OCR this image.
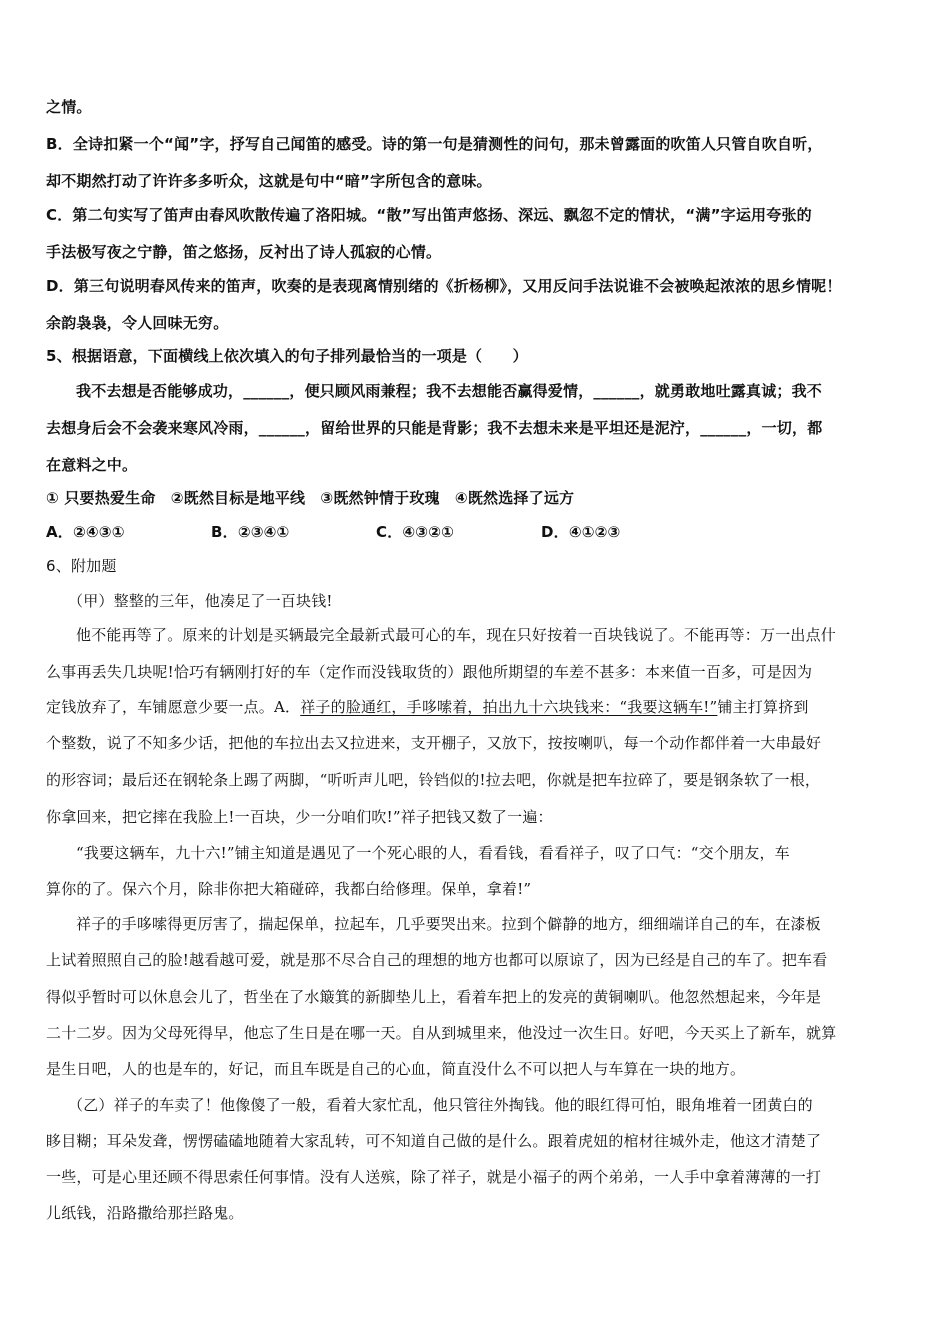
之情。
B．全诗扣紧一个“闻”字，抒写自己闻笛的感受。诗的第一句是猜测性的问句，那未曾露面的吹笛人只管自吹自听，
却不期然打动了许许多多听众，这就是句中“暗”字所包含的意味。
C．第二句实写了笛声由春风吹散传遍了洛阳城。“散”写出笛声悠扬、深远、飘忽不定的情状，“满”字运用夸张的
手法极写夜之宁静，笛之悠扬，反衬出了诗人孤寂的心情。
D．第三句说明春风传来的笛声，吹奏的是表现离情别绪的《折杨柳》，又用反问手法说谁不会被唤起浓浓的思乡情呢！
余韵袅袅，令人回味无穷。
5、根据语意，下面横线上依次填入的句子排列最恰当的一项是（　　）
我不去想是否能够成功，______，便只顾风雨兼程；我不去想能否赢得爱情，______，就勇敢地吐露真诚；我不
去想身后会不会袭来寒风冷雨，______，留给世界的只能是背影；我不去想未来是平坦还是泥泞，______，一切，都
在意料之中。
① 只要热爱生命　②既然目标是地平线　③既然钟情于玫瑰　④既然选择了远方
A．②④③①	B．②③④①	C．④③②①	D．④①②③
6、附加题
（甲）整整的三年，他凑足了一百块钱!
他不能再等了。原来的计划是买辆最完全最新式最可心的车，现在只好按着一百块钱说了。不能再等：万一出点什
么事再丢失几块呢!恰巧有辆刚打好的车（定作而没钱取货的）跟他所期望的车差不甚多：本来值一百多，可是因为
定钱放弃了，车铺愿意少要一点。A．祥子的脸通红，手哆嗦着，拍出九十六块钱来：“我要这辆车!”铺主打算挤到
个整数，说了不知多少话，把他的车拉出去又拉进来，支开棚子，又放下，按按喇叭，每一个动作都伴着一大串最好
的形容词；最后还在钢轮条上踢了两脚，“听听声儿吧，铃铛似的!拉去吧，你就是把车拉碎了，要是钢条软了一根，
你拿回来，把它摔在我脸上!一百块，少一分咱们吹!”祥子把钱又数了一遍：
“我要这辆车，九十六!”铺主知道是遇见了一个死心眼的人，看看钱，看看祥子，叹了口气：“交个朋友，车
算你的了。保六个月，除非你把大箱碰碎，我都白给修理。保单，拿着!”
祥子的手哆嗦得更厉害了，揣起保单，拉起车，几乎要哭出来。拉到个僻静的地方，细细端详自己的车，在漆板
上试着照照自己的脸!越看越可爱，就是那不尽合自己的理想的地方也都可以原谅了，因为已经是自己的车了。把车看
得似乎暂时可以休息会儿了，哲坐在了水簸箕的新脚垫儿上，看着车把上的发亮的黄铜喇叭。他忽然想起来，今年是
二十二岁。因为父母死得早，他忘了生日是在哪一天。自从到城里来，他没过一次生日。好吧，今天买上了新车，就算
是生日吧，人的也是车的，好记，而且车既是自己的心血，简直没什么不可以把人与车算在一块的地方。
（乙）祥子的车卖了！他像傻了一般，看着大家忙乱，他只管往外掏钱。他的眼红得可怕，眼角堆着一团黄白的
眵目糊；耳朵发聋，愣愣磕磕地随着大家乱转，可不知道自己做的是什么。跟着虎妞的棺材往城外走，他这才清楚了
一些，可是心里还顾不得思索任何事情。没有人送殡，除了祥子，就是小福子的两个弟弟，一人手中拿着薄薄的一打
儿纸钱，沿路撒给那拦路鬼。
